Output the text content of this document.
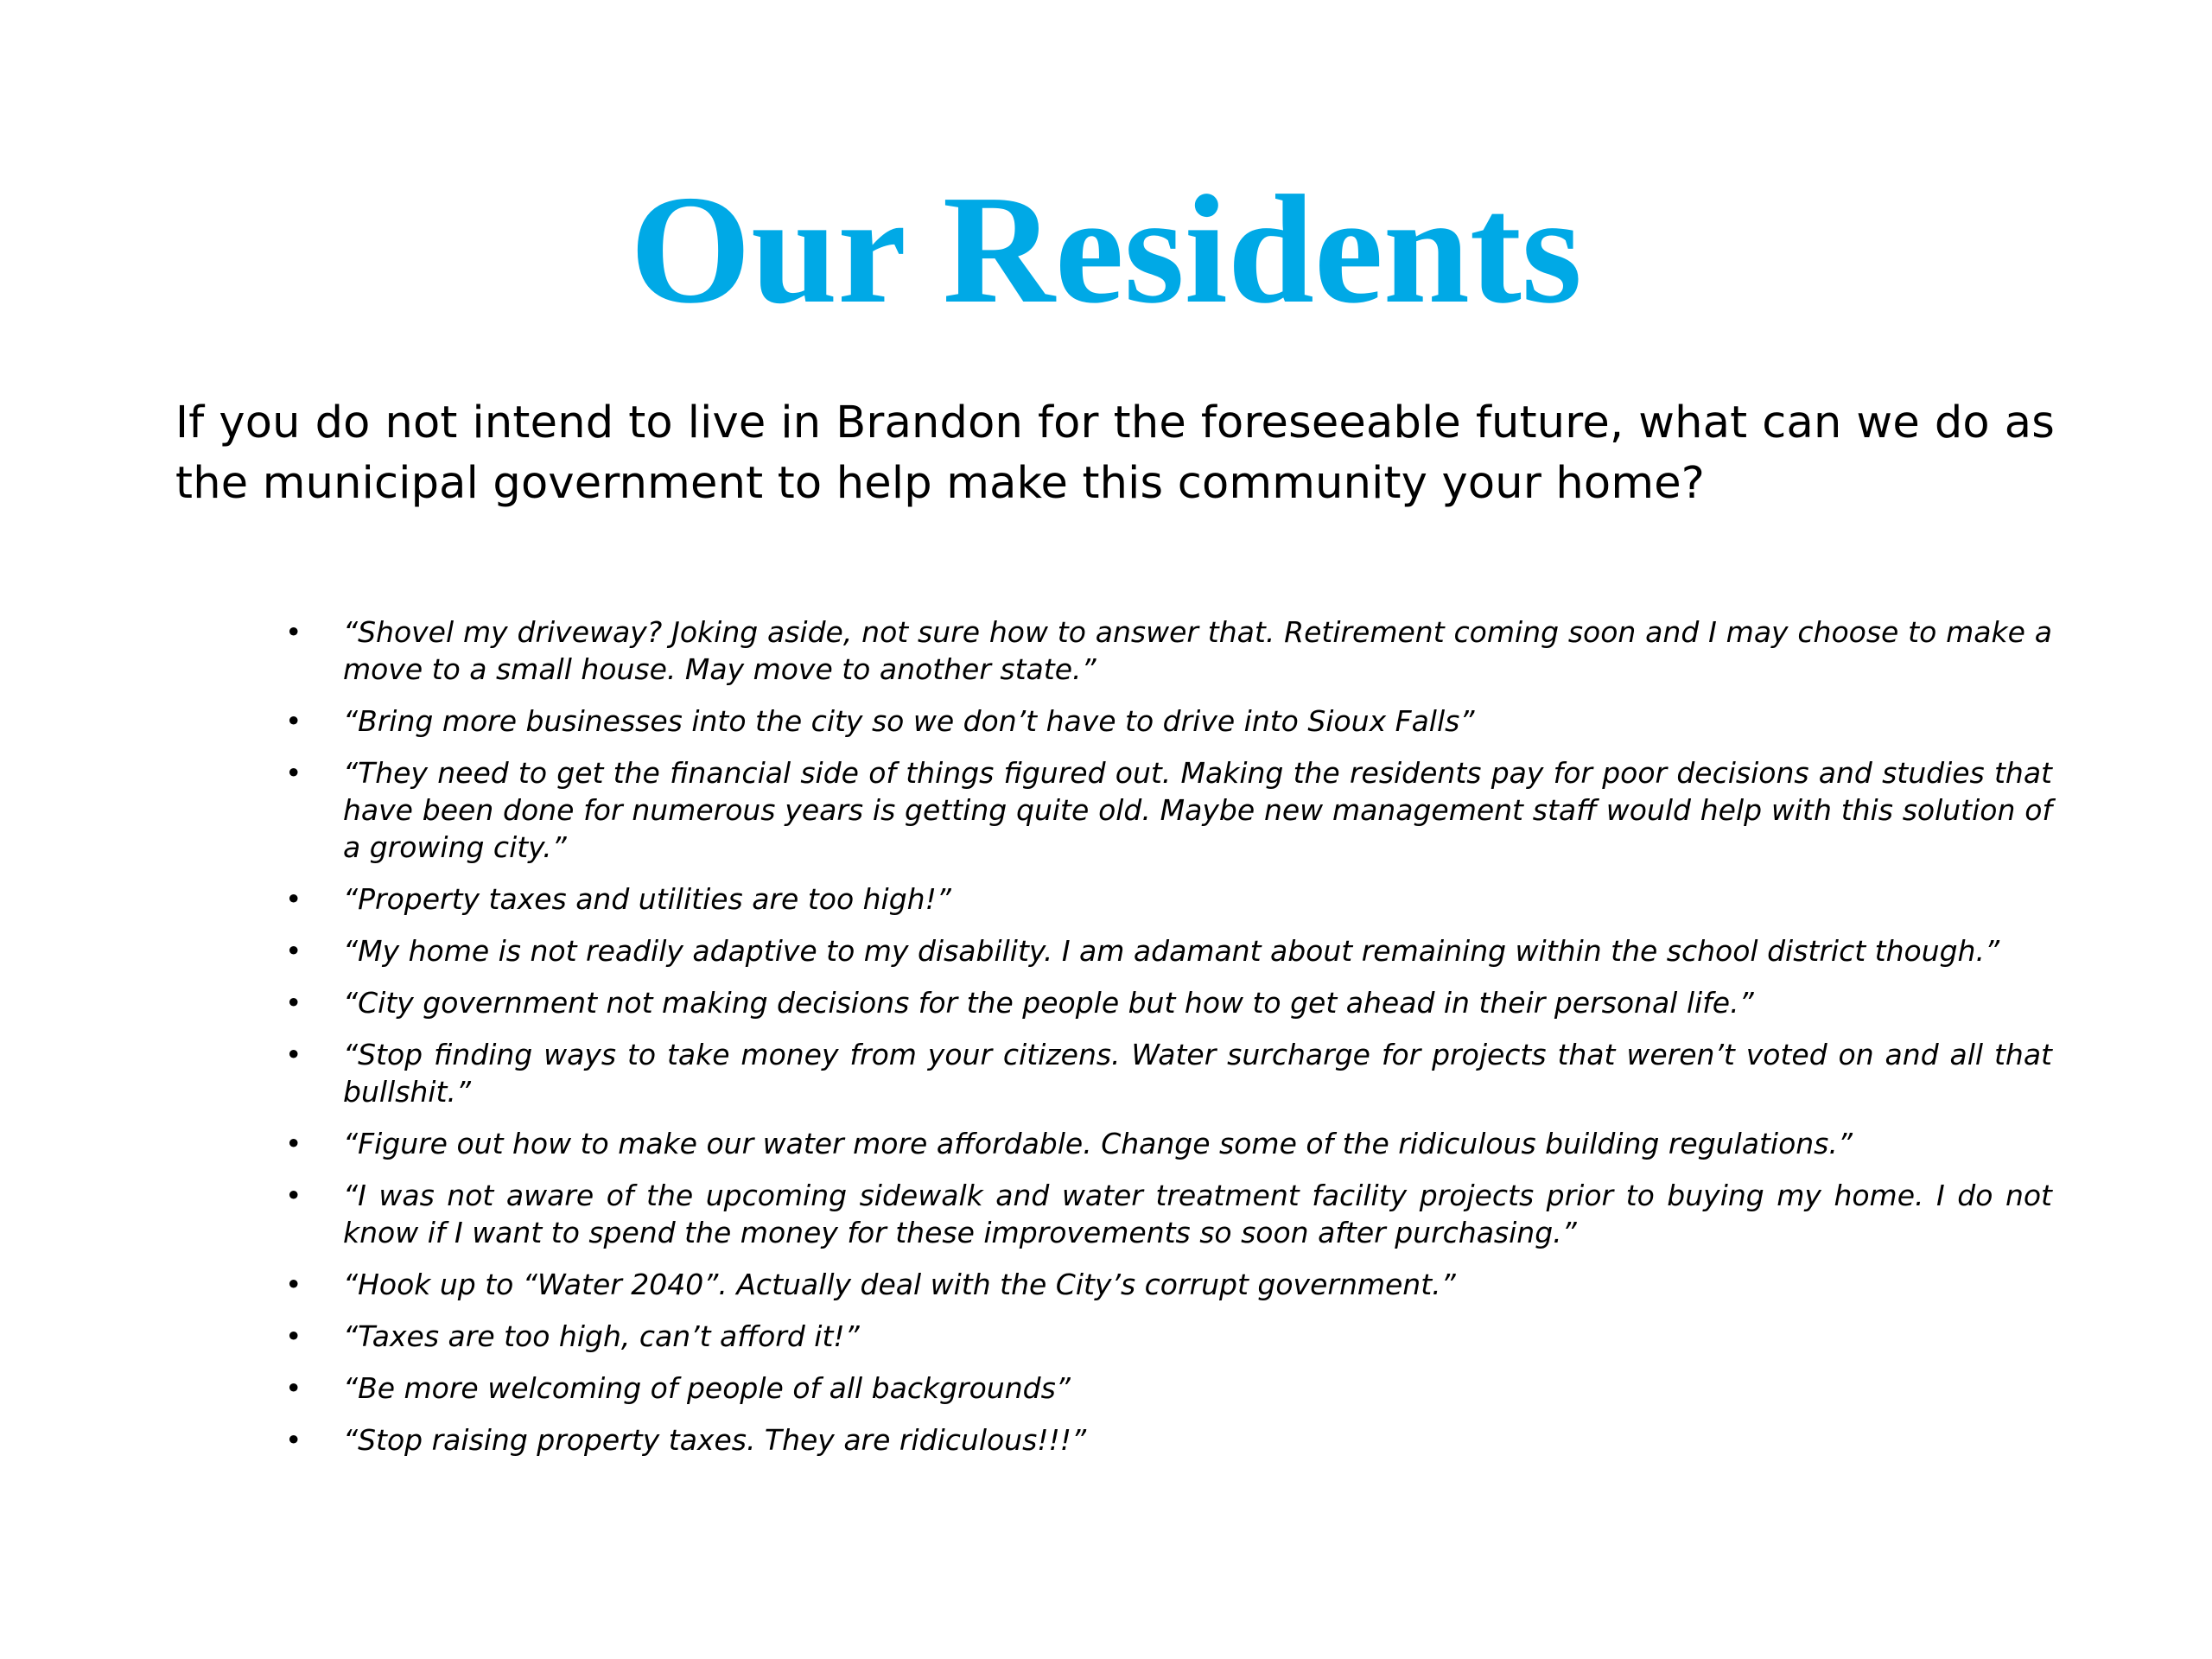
Our Residents

If you do not intend to live in Brandon for the foreseeable future, what can we do as the municipal government to help make this community your home?

• “Shovel my driveway? Joking aside, not sure how to answer that. Retirement coming soon and I may choose to make a move to a small house. May move to another state.”
• “Bring more businesses into the city so we don’t have to drive into Sioux Falls”
• “They need to get the financial side of things figured out. Making the residents pay for poor decisions and studies that have been done for numerous years is getting quite old. Maybe new management staff would help with this solution of a growing city.”
• “Property taxes and utilities are too high!”
• “My home is not readily adaptive to my disability. I am adamant about remaining within the school district though.”
• “City government not making decisions for the people but how to get ahead in their personal life.”
• “Stop finding ways to take money from your citizens. Water surcharge for projects that weren’t voted on and all that bullshit.”
• “Figure out how to make our water more affordable. Change some of the ridiculous building regulations.”
• “I was not aware of the upcoming sidewalk and water treatment facility projects prior to buying my home. I do not know if I want to spend the money for these improvements so soon after purchasing.”
• “Hook up to “Water 2040”. Actually deal with the City’s corrupt government.”
• “Taxes are too high, can’t afford it!”
• “Be more welcoming of people of all backgrounds”
• “Stop raising property taxes. They are ridiculous!!!”
